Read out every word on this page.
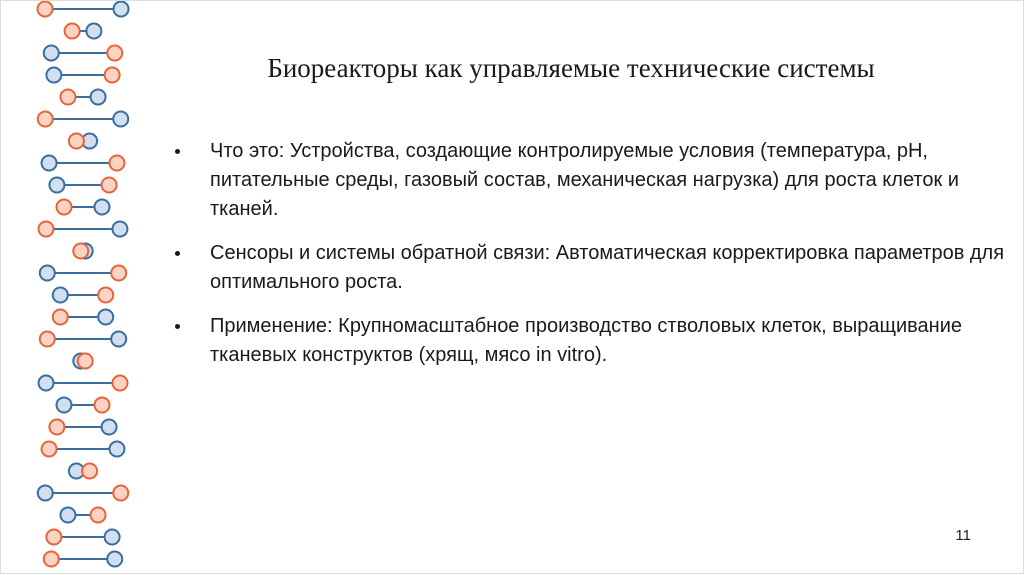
Биореакторы как управляемые технические системы
Что это: Устройства, создающие контролируемые условия (температура, pH, питательные среды, газовый состав, механическая нагрузка) для роста клеток и тканей.
Сенсоры и системы обратной связи: Автоматическая корректировка параметров для оптимального роста.
Применение: Крупномасштабное производство стволовых клеток, выращивание тканевых конструктов (хрящ, мясо in vitro).
11
